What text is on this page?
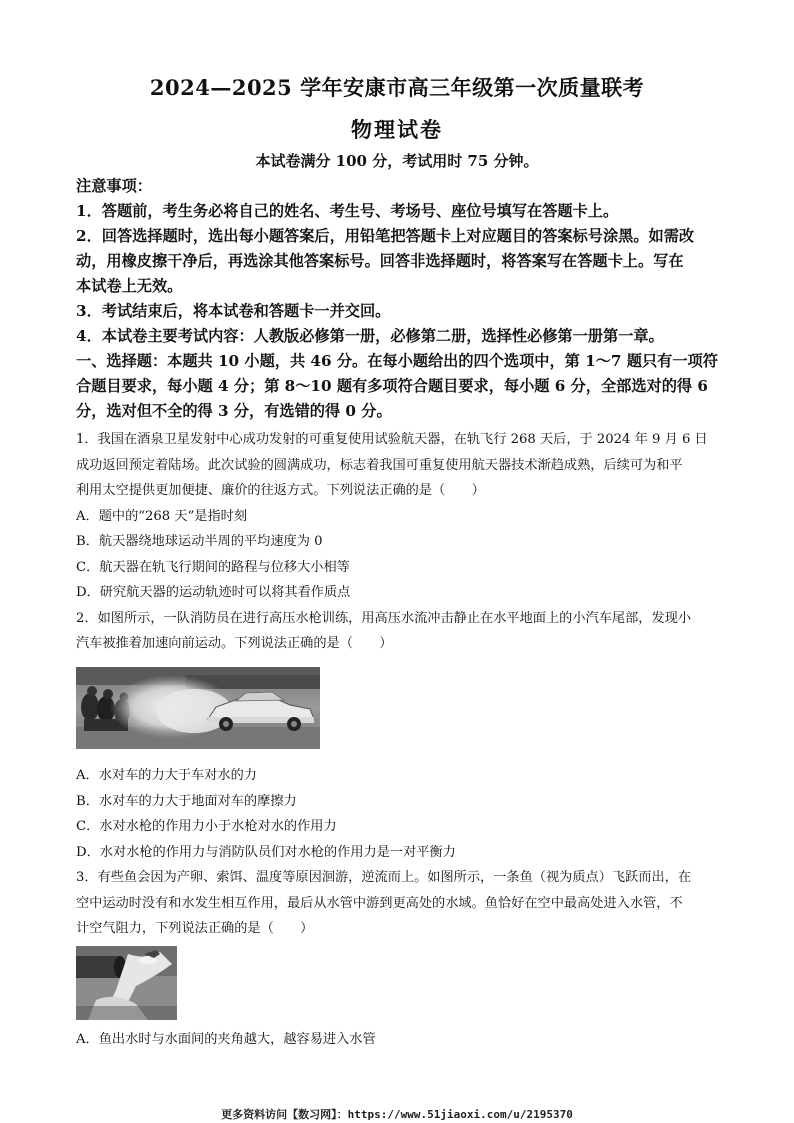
2024—2025 学年安康市高三年级第一次质量联考
物理试卷
本试卷满分 100 分，考试用时 75 分钟。
注意事项：
1．答题前，考生务必将自己的姓名、考生号、考场号、座位号填写在答题卡上。
2．回答选择题时，选出每小题答案后，用铅笔把答题卡上对应题目的答案标号涂黑。如需改
动，用橡皮擦干净后，再选涂其他答案标号。回答非选择题时，将答案写在答题卡上。写在
本试卷上无效。
3．考试结束后，将本试卷和答题卡一并交回。
4．本试卷主要考试内容：人教版必修第一册，必修第二册，选择性必修第一册第一章。
一、选择题：本题共 10 小题，共 46 分。在每小题给出的四个选项中，第 1～7 题只有一项符
合题目要求，每小题 4 分；第 8～10 题有多项符合题目要求，每小题 6 分，全部选对的得 6
分，选对但不全的得 3 分，有选错的得 0 分。
1．我国在酒泉卫星发射中心成功发射的可重复使用试验航天器，在轨飞行 268 天后，于 2024 年 9 月 6 日
成功返回预定着陆场。此次试验的圆满成功，标志着我国可重复使用航天器技术渐趋成熟，后续可为和平
利用太空提供更加便捷、廉价的往返方式。下列说法正确的是（　　）
A．题中的“268 天”是指时刻
B．航天器绕地球运动半周的平均速度为 0
C．航天器在轨飞行期间的路程与位移大小相等
D．研究航天器的运动轨迹时可以将其看作质点
2．如图所示，一队消防员在进行高压水枪训练，用高压水流冲击静止在水平地面上的小汽车尾部，发现小
汽车被推着加速向前运动。下列说法正确的是（　　）
A．水对车的力大于车对水的力
B．水对车的力大于地面对车的摩擦力
C．水对水枪的作用力小于水枪对水的作用力
D．水对水枪的作用力与消防队员们对水枪的作用力是一对平衡力
3．有些鱼会因为产卵、索饵、温度等原因洄游，逆流而上。如图所示，一条鱼（视为质点）飞跃而出，在
空中运动时没有和水发生相互作用，最后从水管中游到更高处的水域。鱼恰好在空中最高处进入水管，不
计空气阻力，下列说法正确的是（　　）
A．鱼出水时与水面间的夹角越大，越容易进入水管
更多资料访问【数习网】：https://www.51jiaoxi.com/u/2195370
